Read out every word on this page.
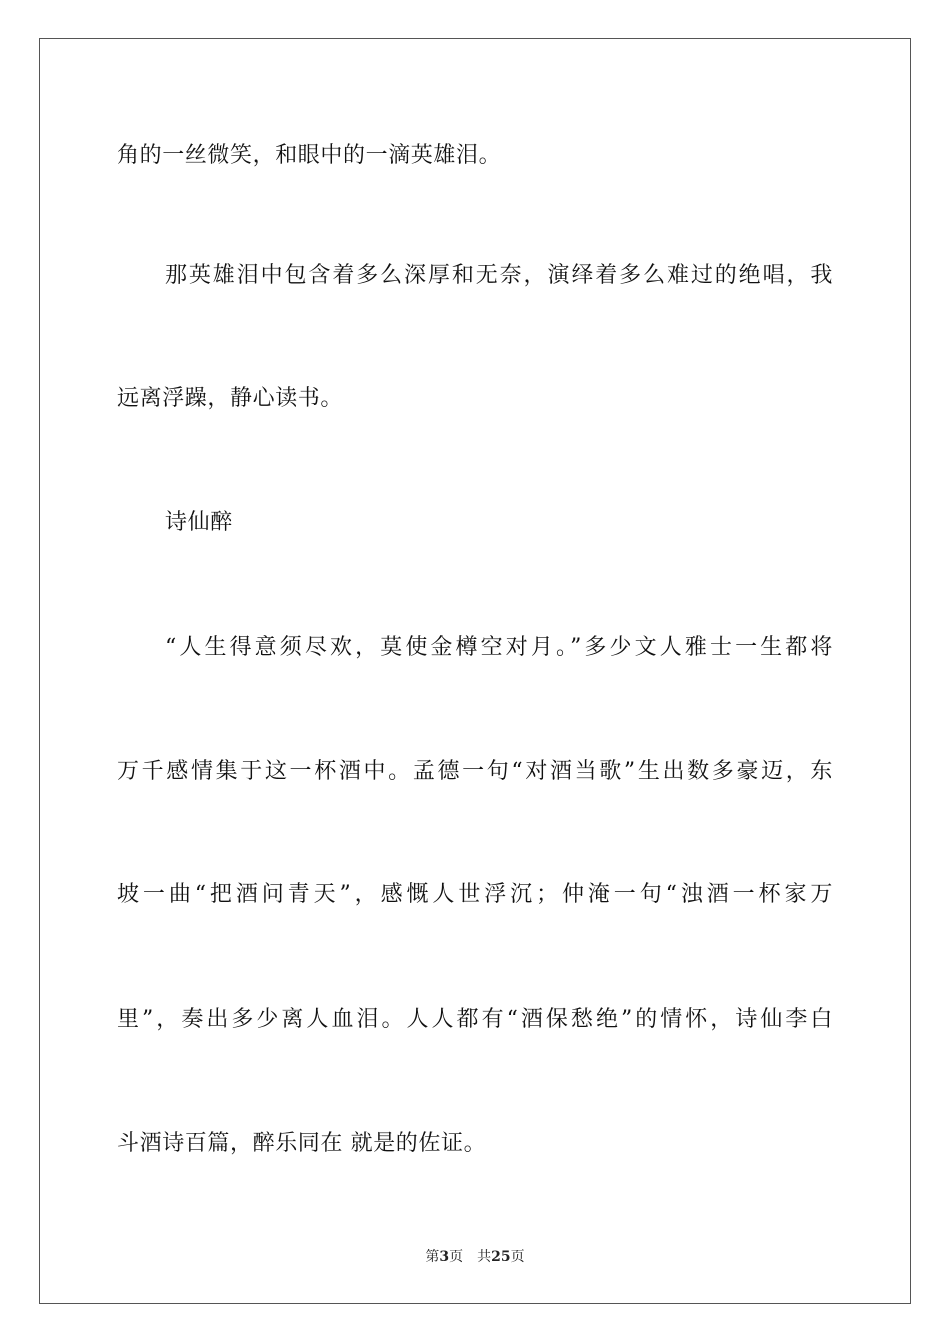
角的一丝微笑，和眼中的一滴英雄泪。
那英雄泪中包含着多么深厚和无奈，演绎着多么难过的绝唱，我
远离浮躁，静心读书。
诗仙醉
“人生得意须尽欢，莫使金樽空对月。”多少文人雅士一生都将
万千感情集于这一杯酒中。孟德一句“对酒当歌”生出数多豪迈，东
坡一曲“把酒问青天”，感慨人世浮沉；仲淹一句“浊酒一杯家万
里”，奏出多少离人血泪。人人都有“酒保愁绝”的情怀，诗仙李白
斗酒诗百篇，醉乐同在 就是的佐证。
第3页 共25页
